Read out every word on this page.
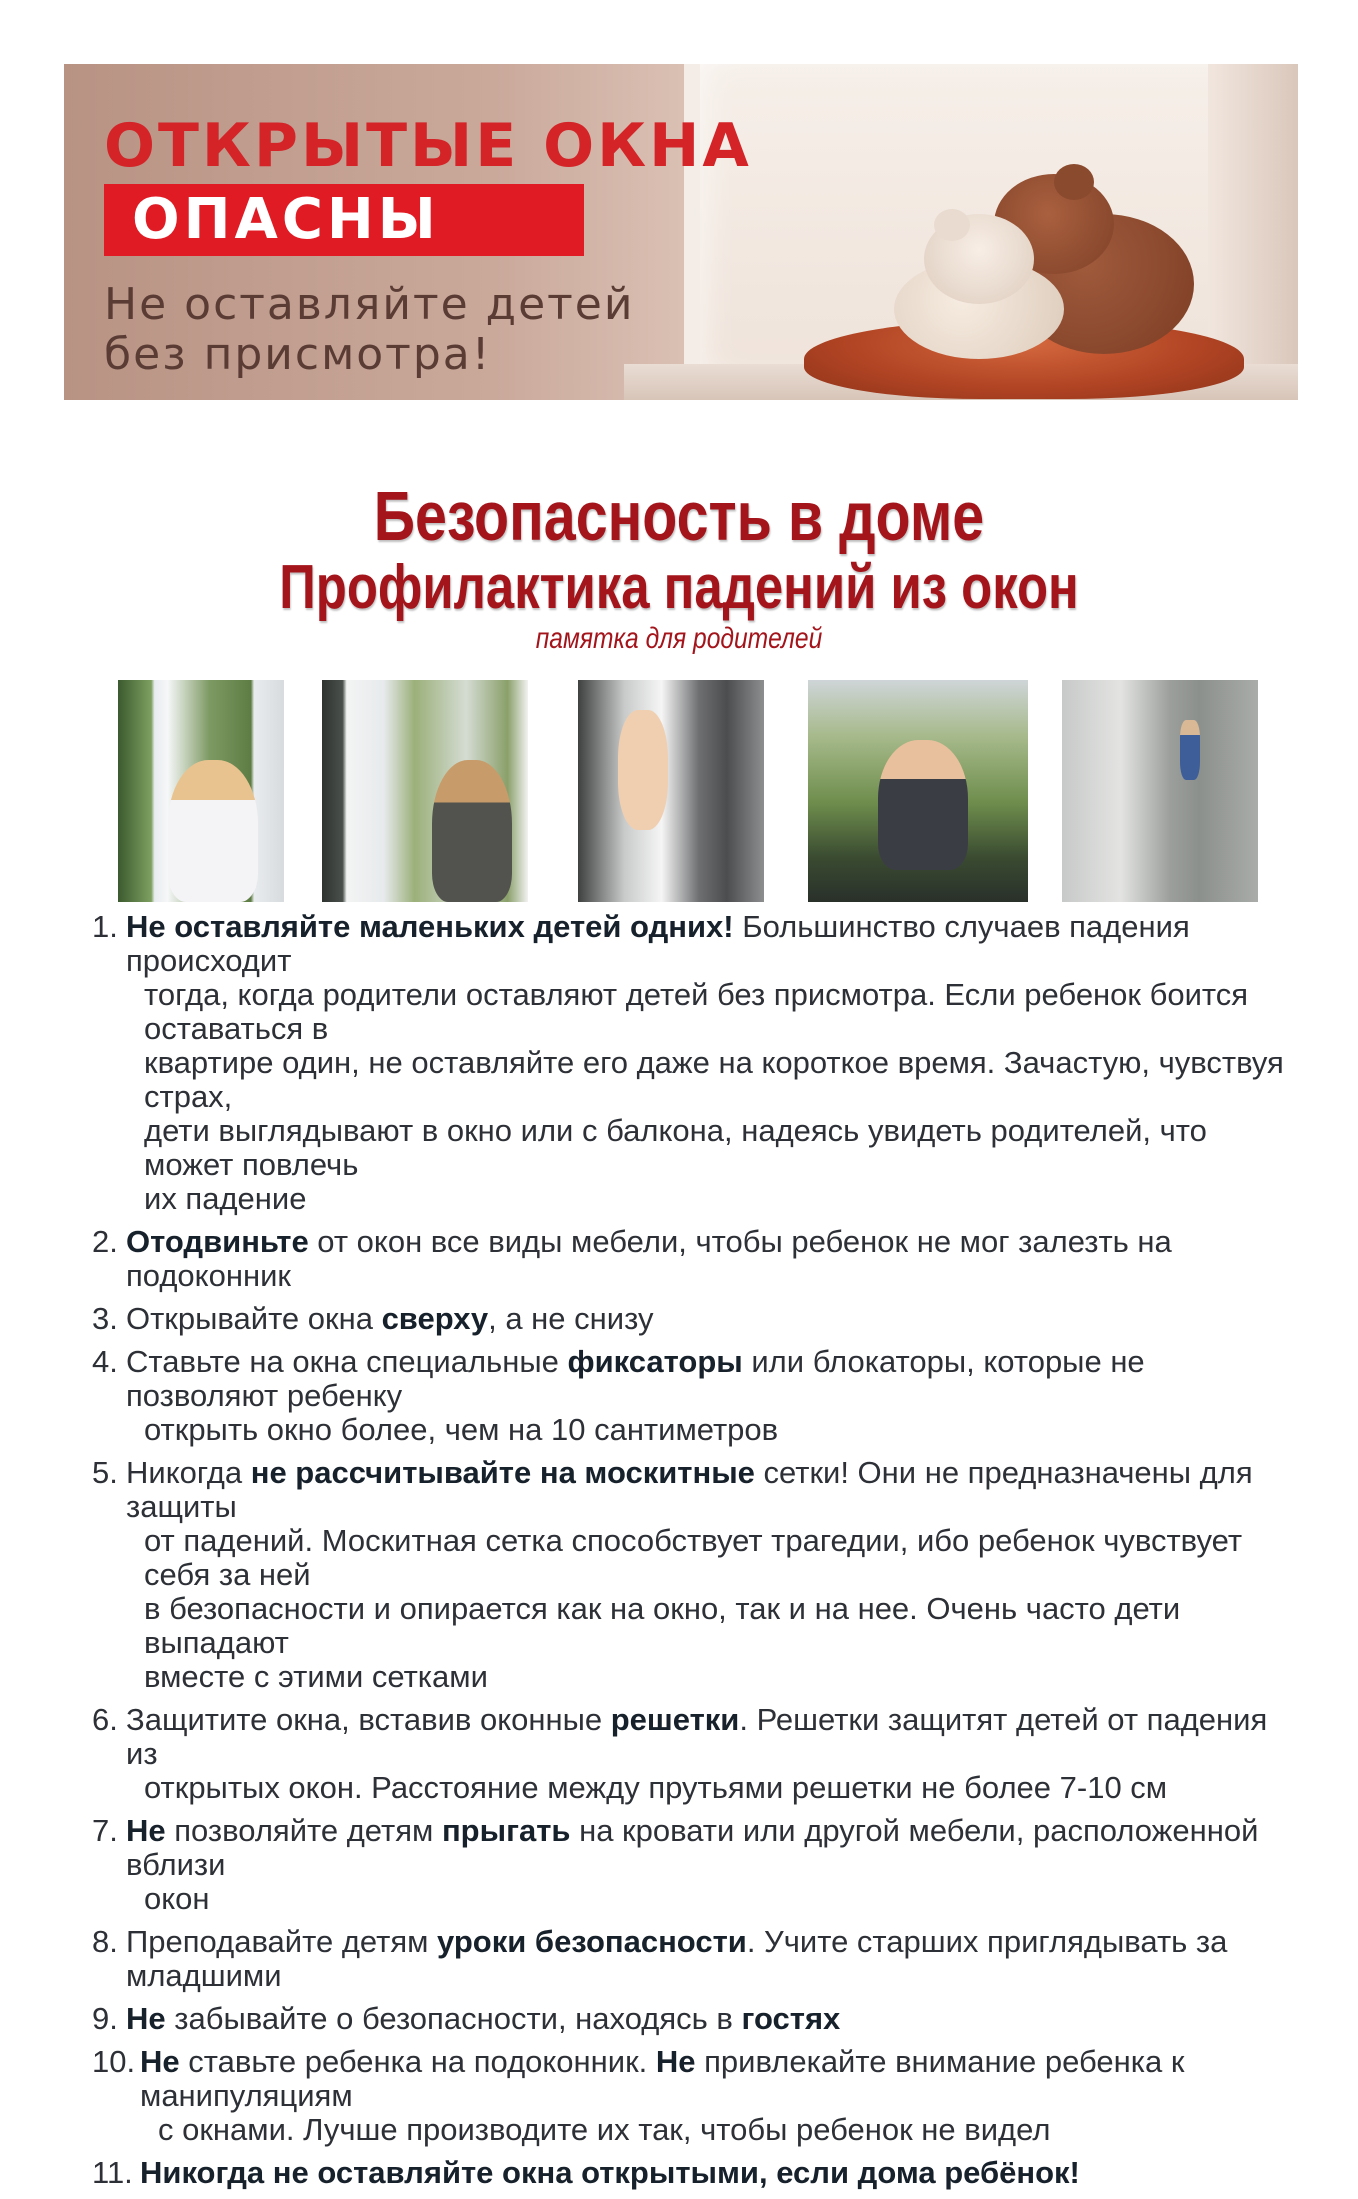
ОТКРЫТЫЕ ОКНА
ОПАСНЫ
Не оставляйте детей
без присмотра!
Безопасность в доме
Профилактика падений из окон
памятка для родителей
1. Не оставляйте маленьких детей одних! Большинство случаев падения происходит
тогда, когда родители оставляют детей без присмотра. Если ребенок боится оставаться в
квартире один, не оставляйте его даже на короткое время. Зачастую, чувствуя страх,
дети выглядывают в окно или с балкона, надеясь увидеть родителей, что может повлечь
их падение
2. Отодвиньте от окон все виды мебели, чтобы ребенок не мог залезть на подоконник
3. Открывайте окна сверху, а не снизу
4. Ставьте на окна специальные фиксаторы или блокаторы, которые не позволяют ребенку
открыть окно более, чем на 10 сантиметров
5. Никогда не рассчитывайте на москитные сетки! Они не предназначены для защиты
от падений. Москитная сетка способствует трагедии, ибо ребенок чувствует себя за ней
в безопасности и опирается как на окно, так и на нее. Очень часто дети выпадают
вместе с этими сетками
6. Защитите окна, вставив оконные решетки. Решетки защитят детей от падения из
открытых окон. Расстояние между прутьями решетки не более 7-10 см
7. Не позволяйте детям прыгать на кровати или другой мебели, расположенной вблизи
окон
8. Преподавайте детям уроки безопасности. Учите старших приглядывать за младшими
9. Не забывайте о безопасности, находясь в гостях
10. Не ставьте ребенка на подоконник. Не привлекайте внимание ребенка к манипуляциям
с окнами. Лучше производите их так, чтобы ребенок не видел
11. Никогда не оставляйте окна открытыми, если дома ребёнок!
